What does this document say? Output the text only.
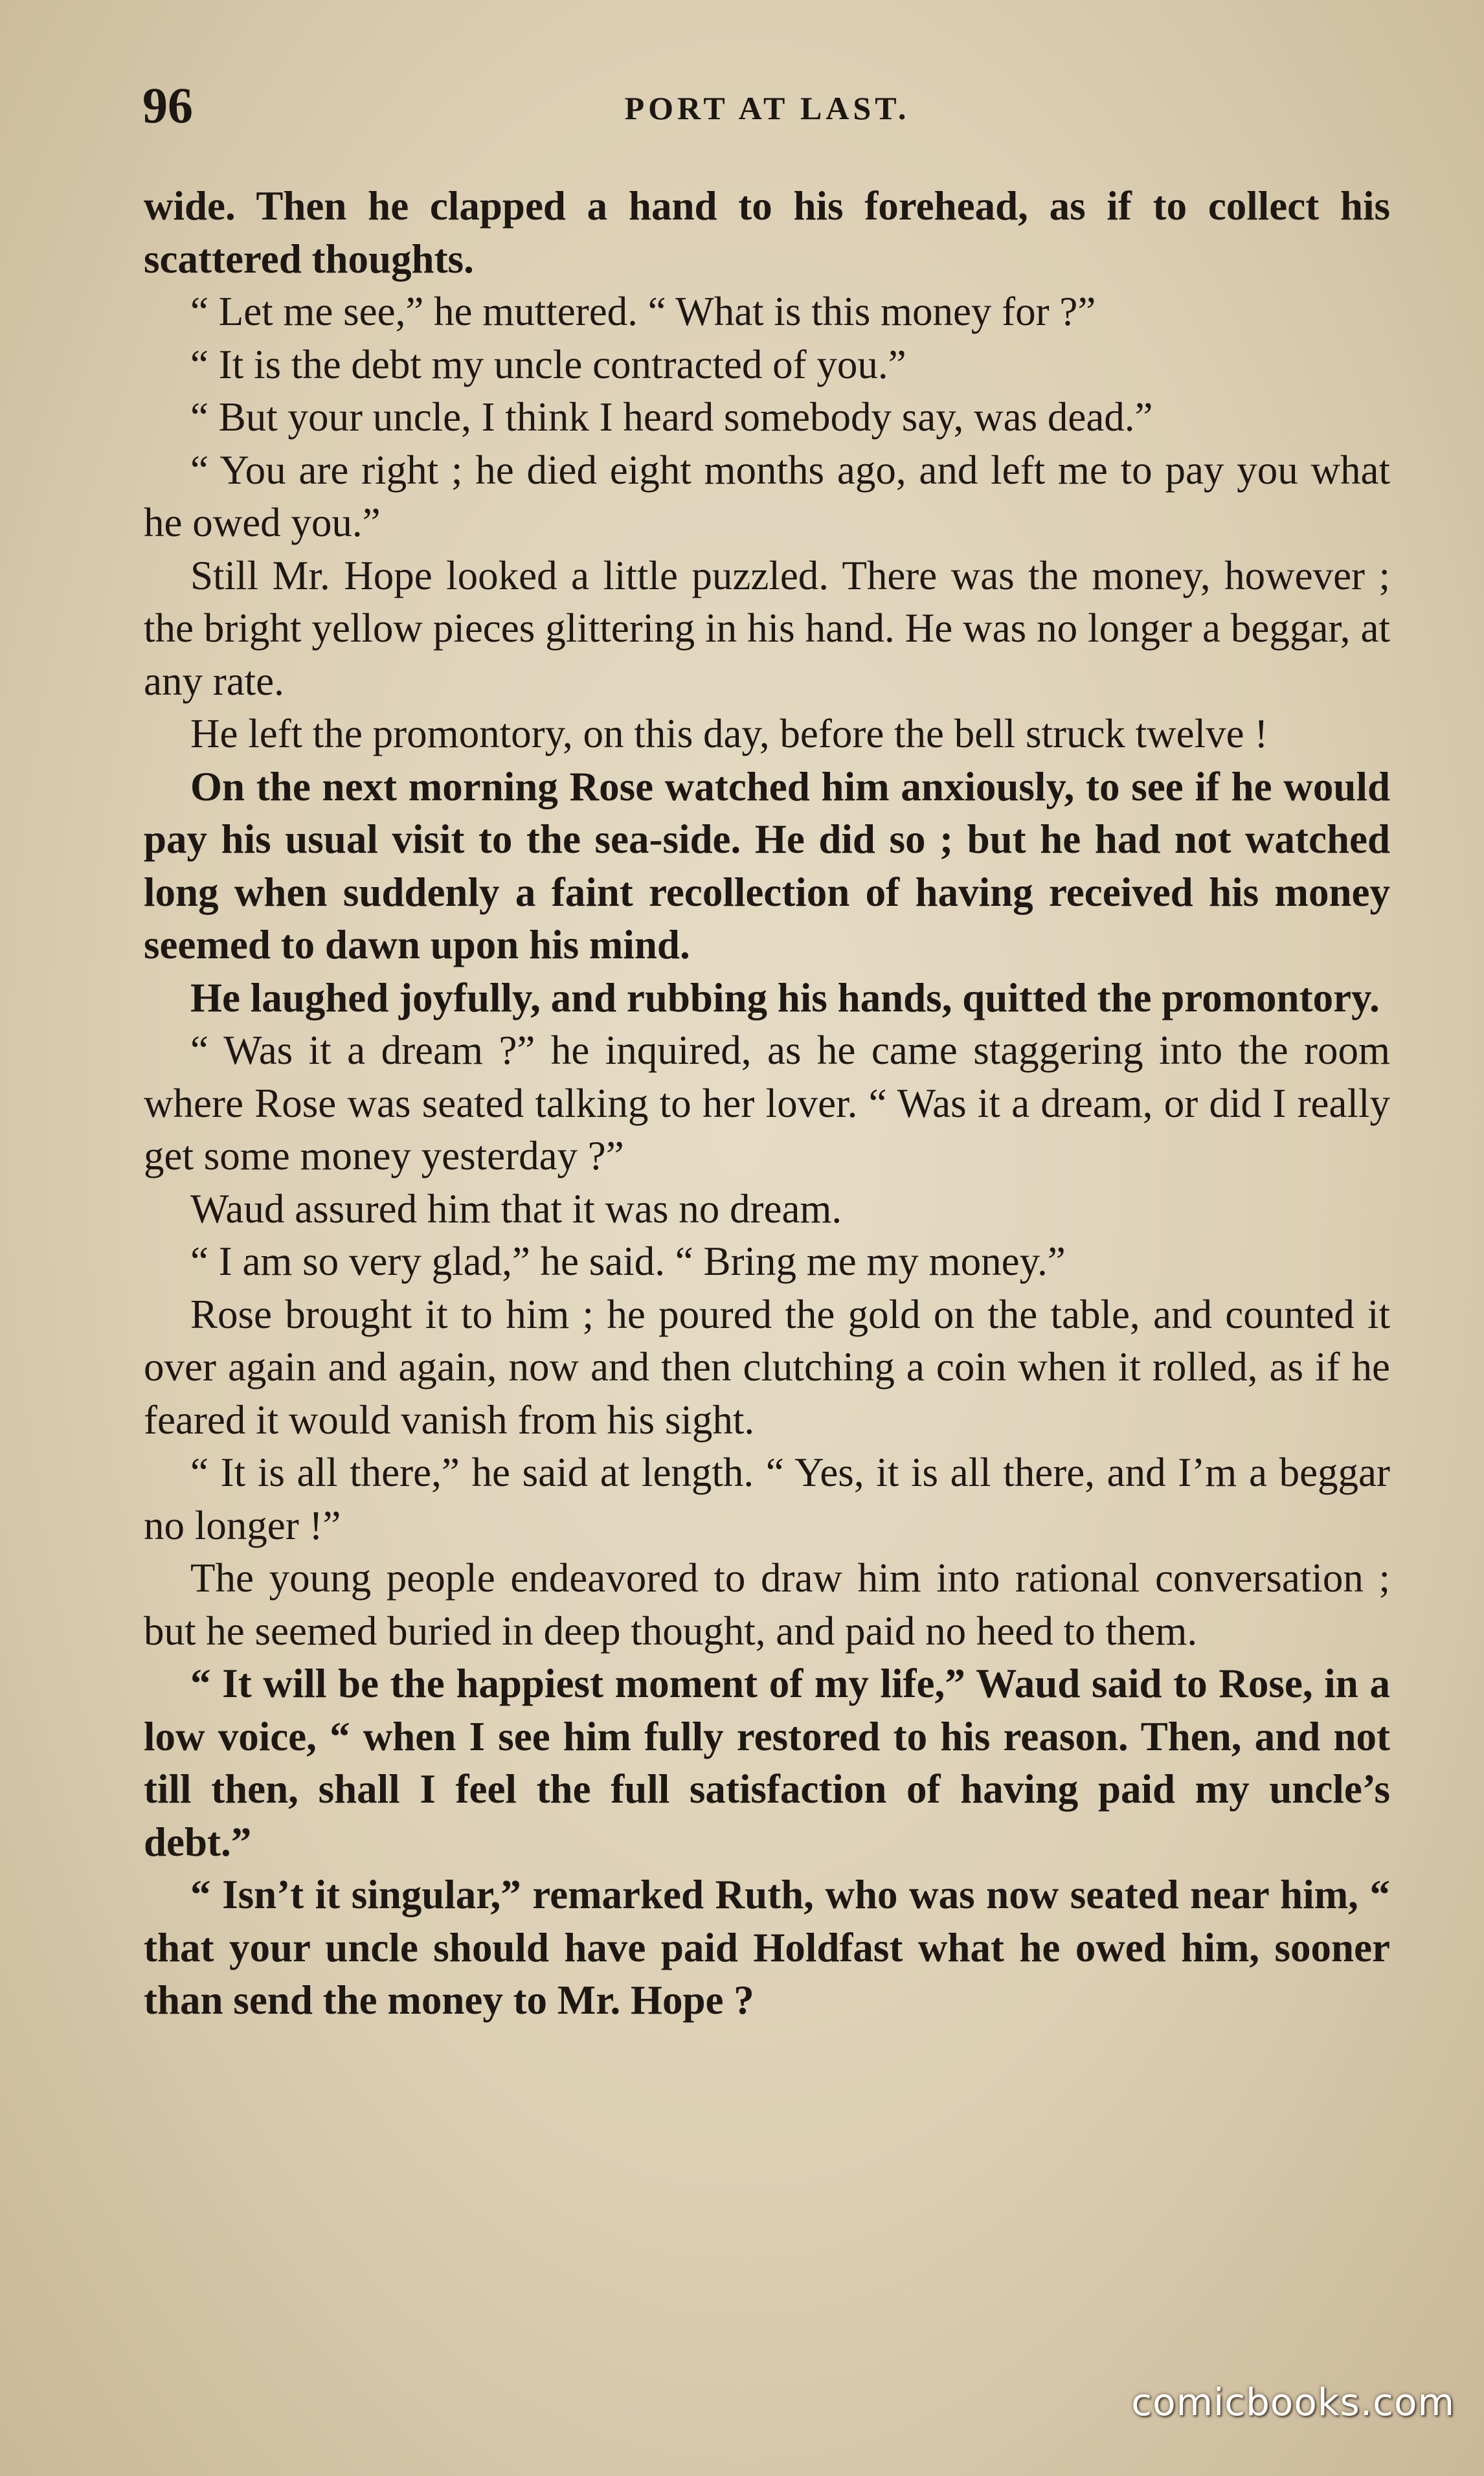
96	PORT AT LAST.

wide. Then he clapped a hand to his forehead, as if to collect his scattered thoughts.

“ Let me see,” he muttered. “ What is this money for ?”

“ It is the debt my uncle contracted of you.”

“ But your uncle, I think I heard somebody say, was dead.”

“ You are right ; he died eight months ago, and left me to pay you what he owed you.”

Still Mr. Hope looked a little puzzled. There was the money, however ; the bright yellow pieces glittering in his hand. He was no longer a beggar, at any rate.

He left the promontory, on this day, before the bell struck twelve !

On the next morning Rose watched him anxiously, to see if he would pay his usual visit to the sea-side. He did so ; but he had not watched long when suddenly a faint recollection of having received his money seemed to dawn upon his mind.

He laughed joyfully, and rubbing his hands, quitted the promontory.

“ Was it a dream ?” he inquired, as he came staggering into the room where Rose was seated talking to her lover. “ Was it a dream, or did I really get some money yesterday ?”

Waud assured him that it was no dream.

“ I am so very glad,” he said. “ Bring me my money.”

Rose brought it to him ; he poured the gold on the table, and counted it over again and again, now and then clutching a coin when it rolled, as if he feared it would vanish from his sight.

“ It is all there,” he said at length. “ Yes, it is all there, and I’m a beggar no longer !”

The young people endeavored to draw him into rational conversation ; but he seemed buried in deep thought, and paid no heed to them.

“ It will be the happiest moment of my life,” Waud said to Rose, in a low voice, “ when I see him fully restored to his reason. Then, and not till then, shall I feel the full satisfaction of having paid my uncle’s debt.”

“ Isn’t it singular,” remarked Ruth, who was now seated near him, “ that your uncle should have paid Holdfast what he owed him, sooner than send the money to Mr. Hope ?

comicbooks.com
